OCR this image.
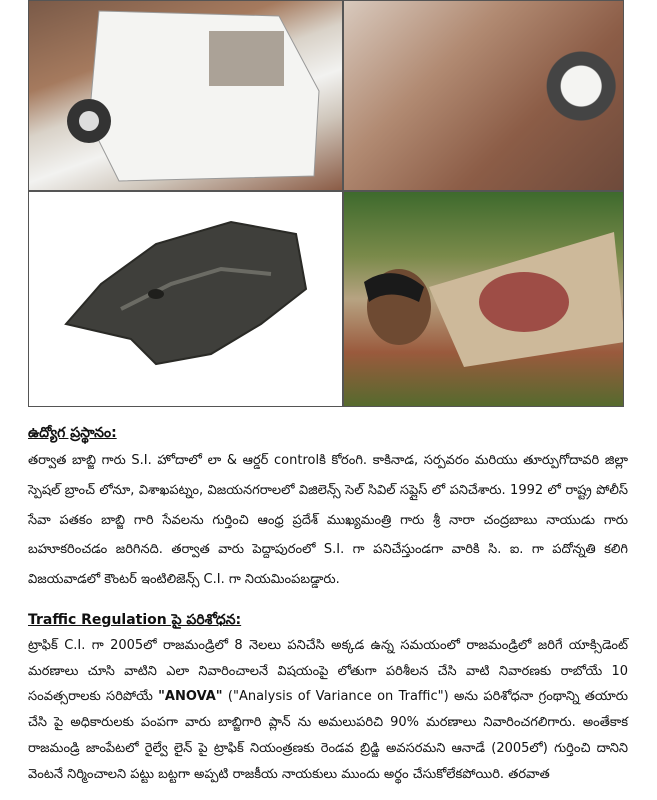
ఉద్యోగ ప్రస్థానం:

తర్వాత బాబ్జి గారు S.I. హోదాలో లా & ఆర్డర్ controlకి కోరంగి. కాకినాడ, సర్పవరం మరియు తూర్పుగోదావరి జిల్లా స్పెషల్ బ్రాంచ్ లోనూ, విశాఖపట్నం, విజయనగరాలలో విజిలెన్స్ సెల్ సివిల్ సప్లైస్ లో పనిచేశారు. 1992 లో రాష్ట్ర పోలీస్ సేవా పతకం బాబ్జి గారి సేవలను గుర్తించి ఆంధ్ర ప్రదేశ్ ముఖ్యమంత్రి గారు శ్రీ నారా చంద్రబాబు నాయుడు గారు బహూకరించడం జరిగినది. తర్వాత వారు పెద్దాపురంలో S.I. గా పనిచేస్తుండగా వారికి సి. ఐ. గా పదోన్నతి కలిగి విజయవాడలో కౌంటర్ ఇంటిలిజెన్స్ C.I. గా నియమింపబడ్డారు.

Traffic Regulation పై పరిశోధన:

ట్రాఫిక్ C.I. గా 2005లో రాజమండ్రిలో 8 నెలలు పనిచేసి అక్కడ ఉన్న సమయంలో రాజమండ్రిలో జరిగే యాక్సిడెంట్ మరణాలు చూసి వాటిని ఎలా నివారించాలనే విషయంపై లోతుగా పరిశీలన చేసి వాటి నివారణకు రాబోయే 10 సంవత్సరాలకు సరిపోయే "ANOVA" ("Analysis of Variance on Traffic") అను పరిశోధనా గ్రంథాన్ని తయారు చేసి పై అధికారులకు పంపగా వారు బాబ్జిగారి ప్లాన్ ను అమలుపరిచి 90% మరణాలు నివారించగలిగారు. అంతేకాక రాజమండ్రి జాంపేటలో రైల్వే లైన్ పై ట్రాఫిక్ నియంత్రణకు రెండవ బ్రిడ్జి అవసరమని ఆనాడే (2005లో) గుర్తించి దానిని వెంటనే నిర్మించాలని పట్టు బట్టగా అప్పటి రాజకీయ నాయకులు ముందు అర్థం చేసుకోలేకపోయిరి. తరవాత
